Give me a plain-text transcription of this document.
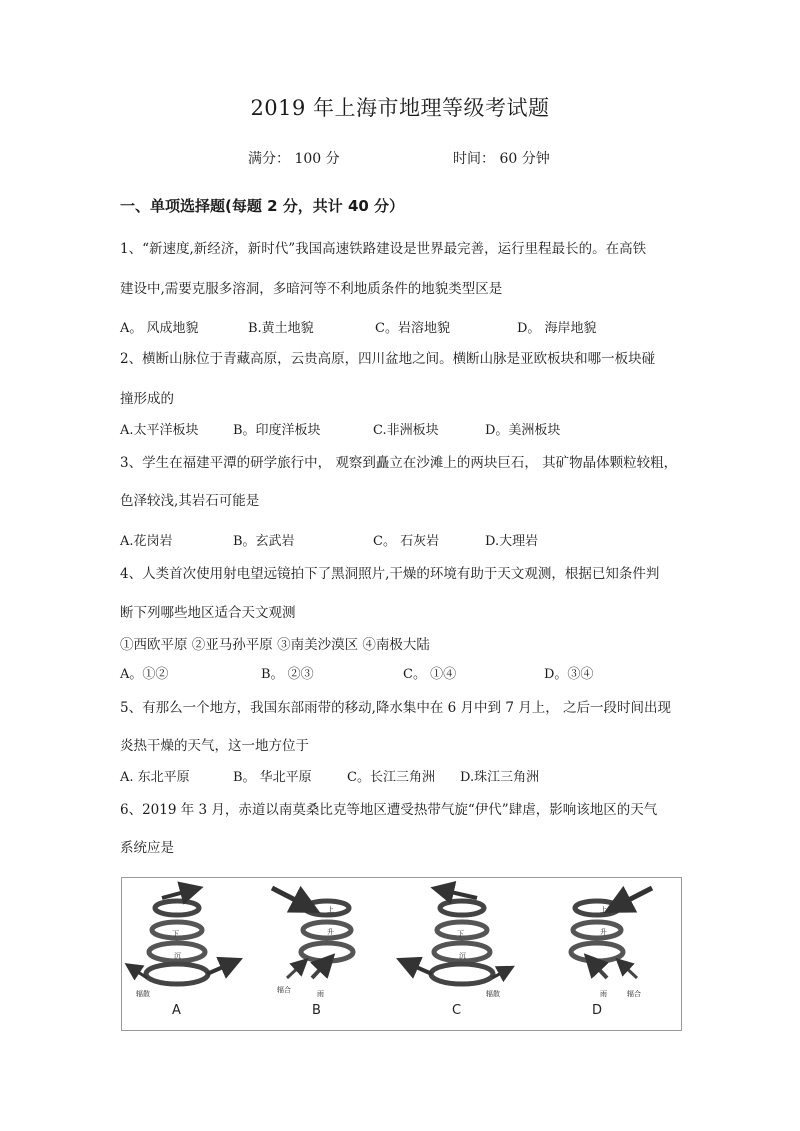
2019 年上海市地理等级考试题
满分： 100 分	时间： 60 分钟
一、单项选择题(每题 2 分，共计 40 分）
1、“新速度,新经济，新时代”我国高速铁路建设是世界最完善，运行里程最长的。在高铁
建设中,需要克服多溶洞，多暗河等不利地质条件的地貌类型区是
A。 风成地貌	B.黄土地貌	C。岩溶地貌	D。 海岸地貌
2、横断山脉位于青藏高原，云贵高原，四川盆地之间。横断山脉是亚欧板块和哪一板块碰
撞形成的
A.太平洋板块	B。印度洋板块	C.非洲板块	D。美洲板块
3、学生在福建平潭的研学旅行中， 观察到矗立在沙滩上的两块巨石， 其矿物晶体颗粒较粗，
色泽较浅,其岩石可能是
A.花岗岩	B。玄武岩	C。 石灰岩	D.大理岩
4、人类首次使用射电望远镜拍下了黑洞照片,干燥的环境有助于天文观测，根据已知条件判
断下列哪些地区适合天文观测
①西欧平原 ②亚马孙平原 ③南美沙漠区 ④南极大陆
A。①②	B。 ②③	C。 ①④	D。③④
5、有那么一个地方，我国东部雨带的移动,降水集中在 6 月中到 7 月上， 之后一段时间出现
炎热干燥的天气，这一地方位于
A. 东北平原	B。 华北平原	C。长江三角洲 D.珠江三角洲
6、2019 年 3 月，赤道以南莫桑比克等地区遭受热带气旋“伊代”肆虐，影响该地区的天气
系统应是
下
沉
辐散
上
升
辐合	雨
下
沉
辐散
上
升
雨	辐合
A	B	C	D
